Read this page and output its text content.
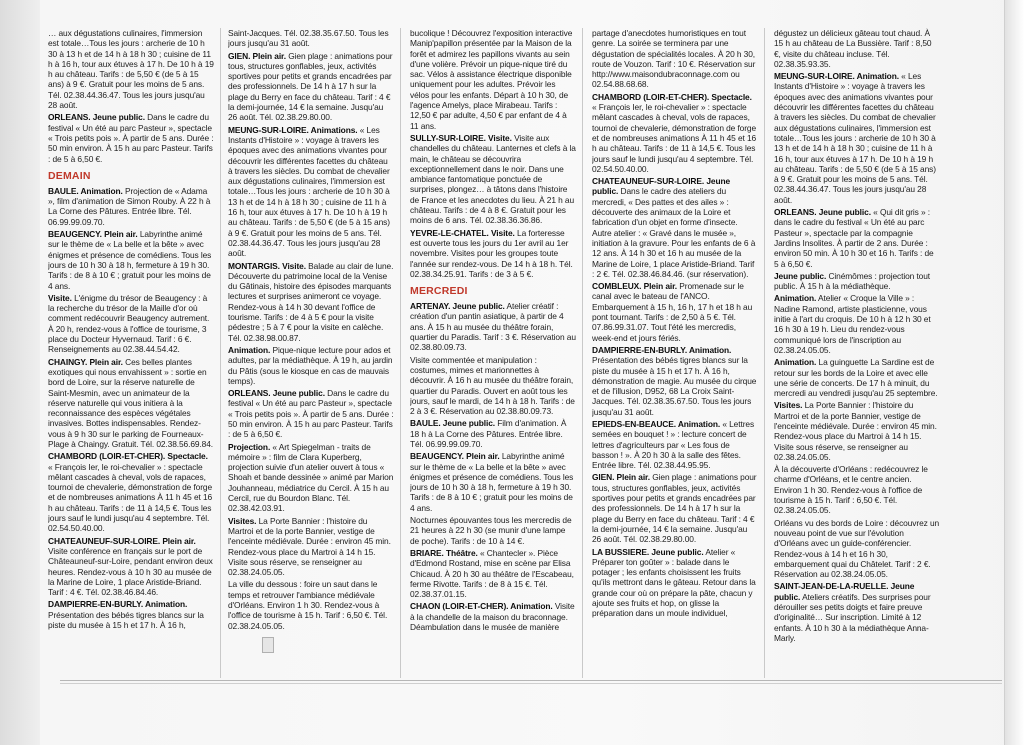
… aux dégustations culinaires, l'immersion est totale…Tous les jours : archerie de 10 h 30 à 13 h et de 14 h à 18 h 30 ; cuisine de 11 h à 16 h, tour aux étuves à 17 h. De 10 h à 19 h au château. Tarifs : de 5,50 € (de 5 à 15 ans) à 9 €. Gratuit pour les moins de 5 ans. Tél. 02.38.44.36.47. Tous les jours jusqu'au 28 août.

ORLEANS. Jeune public. Dans le cadre du festival « Un été au parc Pasteur », spectacle « Trois petits pois ». À partir de 5 ans. Durée : 50 min environ. À 15 h au parc Pasteur. Tarifs : de 5 à 6,50 €.

DEMAIN

BAULE. Animation. Projection de « Adama », film d'animation de Simon Rouby. À 22 h à La Corne des Pâtures. Entrée libre. Tél. 06.99.99.09.70.

BEAUGENCY. Plein air. Labyrinthe animé sur le thème de « La belle et la bête » avec énigmes et présence de comédiens. Tous les jours de 10 h 30 à 18 h, fermeture à 19 h 30. Tarifs : de 8 à 10 € ; gratuit pour les moins de 4 ans.

Visite. L'énigme du trésor de Beaugency : à la recherche du trésor de la Maille d'or où comment redécouvrir Beaugency autrement. À 20 h, rendez-vous à l'office de tourisme, 3 place du Docteur Hyvernaud. Tarif : 6 €. Renseignements au 02.38.44.54.42.

CHAINGY. Plein air. Ces belles plantes exotiques qui nous envahissent » : sortie en bord de Loire, sur la réserve naturelle de Saint-Mesmin, avec un animateur de la réserve naturelle qui vous initiera à la reconnaissance des espèces végétales invasives. Bottes indispensables. Rendez-vous à 9 h 30 sur le parking de Fourneaux-Plage à Chaingy. Gratuit. Tél. 02.38.56.69.84.

CHAMBORD (LOIR-ET-CHER). Spectacle. « François Ier, le roi-chevalier » : spectacle mêlant cascades à cheval, vols de rapaces, tournoi de chevalerie, démonstration de forge et de nombreuses animations À 11 h 45 et 16 h au château. Tarifs : de 11 à 14,5 €. Tous les jours sauf le lundi jusqu'au 4 septembre. Tél. 02.54.50.40.00.

CHATEAUNEUF-SUR-LOIRE. Plein air. Visite conférence en français sur le port de Châteauneuf-sur-Loire, pendant environ deux heures. Rendez-vous à 10 h 30 au musée de la Marine de Loire, 1 place Aristide-Briand. Tarif : 4 €. Tél. 02.38.46.84.46.

DAMPIERRE-EN-BURLY. Animation. Présentation des bébés tigres blancs sur la piste du musée à 15 h et 17 h. À 16 h,

Saint-Jacques. Tél. 02.38.35.67.50. Tous les jours jusqu'au 31 août.

GIEN. Plein air. Gien plage : animations pour tous, structures gonflables, jeux, activités sportives pour petits et grands encadrées par des professionnels. De 14 h à 17 h sur la plage du Berry en face du château. Tarif : 4 € la demi-journée, 14 € la semaine. Jusqu'au 26 août. Tél. 02.38.29.80.00.

MEUNG-SUR-LOIRE. Animations. « Les Instants d'Histoire » : voyage à travers les époques avec des animations vivantes pour découvrir les différentes facettes du château à travers les siècles. Du combat de chevalier aux dégustations culinaires, l'immersion est totale…Tous les jours : archerie de 10 h 30 à 13 h et de 14 h à 18 h 30 ; cuisine de 11 h à 16 h, tour aux étuves à 17 h. De 10 h à 19 h au château. Tarifs : de 5,50 € (de 5 à 15 ans) à 9 €. Gratuit pour les moins de 5 ans. Tél. 02.38.44.36.47. Tous les jours jusqu'au 28 août.

MONTARGIS. Visite. Balade au clair de lune. Découverte du patrimoine local de la Venise du Gâtinais, histoire des épisodes marquants lectures et surprises animeront ce voyage. Rendez-vous à 14 h 30 devant l'office de tourisme. Tarifs : de 4 à 5 € pour la visite pédestre ; 5 à 7 € pour la visite en calèche. Tél. 02.38.98.00.87.

Animation. Pique-nique lecture pour ados et adultes, par la médiathèque. À 19 h, au jardin du Pâtis (sous le kiosque en cas de mauvais temps).

ORLEANS. Jeune public. Dans le cadre du festival « Un été au parc Pasteur », spectacle « Trois petits pois ». À partir de 5 ans. Durée : 50 min environ. À 15 h au parc Pasteur. Tarifs : de 5 à 6,50 €.

Projection. « Art Spiegelman - traits de mémoire » : film de Clara Kuperberg, projection suivie d'un atelier ouvert à tous « Shoah et bande dessinée » animé par Marion Jouhanneau, médiatrice du Cercil. À 15 h au Cercil, rue du Bourdon Blanc. Tél. 02.38.42.03.91.

Visites. La Porte Bannier : l'histoire du Martroi et de la porte Bannier, vestige de l'enceinte médiévale. Durée : environ 45 min. Rendez-vous place du Martroi à 14 h 15. Visite sous réserve, se renseigner au 02.38.24.05.05.

La ville du dessous : foire un saut dans le temps et retrouver l'ambiance médiévale d'Orléans. Environ 1 h 30. Rendez-vous à l'office de tourisme à 15 h. Tarif : 6,50 €. Tél. 02.38.24.05.05.

bucolique ! Découvrez l'exposition interactive Manip'papillon présentée par la Maison de la forêt et admirez les papillons vivants au sein d'une volière. Prévoir un pique-nique tiré du sac. Vélos à assistance électrique disponible uniquement pour les adultes. Prévoir les vélos pour les enfants. Départ à 10 h 30, de l'agence Amelys, place Mirabeau. Tarifs : 12,50 € par adulte, 4,50 € par enfant de 4 à 11 ans.

SULLY-SUR-LOIRE. Visite. Visite aux chandelles du château. Lanternes et clefs à la main, le château se découvrira exceptionnellement dans le noir. Dans une ambiance fantomatique ponctuée de surprises, plongez… à tâtons dans l'histoire de France et les anecdotes du lieu. À 21 h au château. Tarifs : de 4 à 8 €. Gratuit pour les moins de 6 ans. Tél. 02.38.36.36.86.

YEVRE-LE-CHATEL. Visite. La forteresse est ouverte tous les jours du 1er avril au 1er novembre. Visites pour les groupes toute l'année sur rendez-vous. De 14 h à 18 h. Tél. 02.38.34.25.91. Tarifs : de 3 à 5 €.

MERCREDI

ARTENAY. Jeune public. Atelier créatif : création d'un pantin asiatique, à partir de 4 ans. À 15 h au musée du théâtre forain, quartier du Paradis. Tarif : 3 €. Réservation au 02.38.80.09.73.

Visite commentée et manipulation : costumes, mimes et marionnettes à découvrir. À 16 h au musée du théâtre forain, quartier du Paradis. Ouvert en août tous les jours, sauf le mardi, de 14 h à 18 h. Tarifs : de 2 à 3 €. Réservation au 02.38.80.09.73.

BAULE. Jeune public. Film d'animation. À 18 h à La Corne des Pâtures. Entrée libre. Tél. 06.99.99.09.70.

BEAUGENCY. Plein air. Labyrinthe animé sur le thème de « La belle et la bête » avec énigmes et présence de comédiens. Tous les jours de 10 h 30 à 18 h, fermeture à 19 h 30. Tarifs : de 8 à 10 € ; gratuit pour les moins de 4 ans.

Nocturnes épouvantes tous les mercredis de 21 heures à 22 h 30 (se munir d'une lampe de poche). Tarifs : de 10 à 14 €.

BRIARE. Théâtre. « Chantecler ». Pièce d'Edmond Rostand, mise en scène par Elisa Chicaud. À 20 h 30 au théâtre de l'Escabeau, ferme Rivotte. Tarifs : de 8 à 15 €. Tél. 02.38.37.01.15.

CHAON (LOIR-ET-CHER). Animation. Visite à la chandelle de la maison du braconnage. Déambulation dans le musée de manière

partage d'anecdotes humoristiques en tout genre. La soirée se terminera par une dégustation de spécialités locales. À 20 h 30, route de Vouzon. Tarif : 10 €. Réservation sur http://www.maisondubraconnage.com ou 02.54.88.68.68.

CHAMBORD (LOIR-ET-CHER). Spectacle. « François Ier, le roi-chevalier » : spectacle mêlant cascades à cheval, vols de rapaces, tournoi de chevalerie, démonstration de forge et de nombreuses animations À 11 h 45 et 16 h au château. Tarifs : de 11 à 14,5 €. Tous les jours sauf le lundi jusqu'au 4 septembre. Tél. 02.54.50.40.00.

CHATEAUNEUF-SUR-LOIRE. Jeune public. Dans le cadre des ateliers du mercredi, « Des pattes et des ailes » : découverte des animaux de la Loire et fabrication d'un objet en forme d'insecte. Autre atelier : « Gravé dans le musée », initiation à la gravure. Pour les enfants de 6 à 12 ans. À 14 h 30 et 16 h au musée de la Marine de Loire, 1 place Aristide-Briand. Tarif : 2 €. Tél. 02.38.46.84.46. (sur réservation).

COMBLEUX. Plein air. Promenade sur le canal avec le bateau de l'ANCO. Embarquement à 15 h, 16 h, 17 h et 18 h au pont tournant. Tarifs : de 2,50 à 5 €. Tél. 07.86.99.31.07. Tout l'été les mercredis, week-end et jours fériés.

DAMPIERRE-EN-BURLY. Animation. Présentation des bébés tigres blancs sur la piste du musée à 15 h et 17 h. À 16 h, démonstration de magie. Au musée du cirque et de l'illusion, D952, 68 La Croix Saint-Jacques. Tél. 02.38.35.67.50. Tous les jours jusqu'au 31 août.

EPIEDS-EN-BEAUCE. Animation. « Lettres semées en bouquet ! » : lecture concert de lettres d'agriculteurs par « Les fous de basson ! ». À 20 h 30 à la salle des fêtes. Entrée libre. Tél. 02.38.44.95.95.

GIEN. Plein air. Gien plage : animations pour tous, structures gonflables, jeux, activités sportives pour petits et grands encadrées par des professionnels. De 14 h à 17 h sur la plage du Berry en face du château. Tarif : 4 € la demi-journée, 14 € la semaine. Jusqu'au 26 août. Tél. 02.38.29.80.00.

LA BUSSIERE. Jeune public. Atelier « Préparer ton goûter » : balade dans le potager ; les enfants choisissent les fruits qu'ils mettront dans le gâteau. Retour dans la grande cour où on prépare la pâte, chacun y ajoute ses fruits et hop, on glisse la préparation dans un moule individuel,

dégustez un délicieux gâteau tout chaud. À 15 h au château de La Bussière. Tarif : 8,50 €, visite du château incluse. Tél. 02.38.35.93.35.

MEUNG-SUR-LOIRE. Animation. « Les Instants d'Histoire » : voyage à travers les époques avec des animations vivantes pour découvrir les différentes facettes du château à travers les siècles. Du combat de chevalier aux dégustations culinaires, l'immersion est totale…Tous les jours : archerie de 10 h 30 à 13 h et de 14 h à 18 h 30 ; cuisine de 11 h à 16 h, tour aux étuves à 17 h. De 10 h à 19 h au château. Tarifs : de 5,50 € (de 5 à 15 ans) à 9 €. Gratuit pour les moins de 5 ans. Tél. 02.38.44.36.47. Tous les jours jusqu'au 28 août.

ORLEANS. Jeune public. « Qui dit gris » : dans le cadre du festival « Un été au parc Pasteur », spectacle par la compagnie Jardins Insolites. À partir de 2 ans. Durée : environ 50 min. À 10 h 30 et 16 h. Tarifs : de 5 à 6,50 €.

Jeune public. Cinémômes : projection tout public. À 15 h à la médiathèque.

Animation. Atelier « Croque la Ville » : Nadine Ramond, artiste plasticienne, vous initie à l'art du croquis. De 10 h à 12 h 30 et 16 h 30 à 19 h. Lieu du rendez-vous communiqué lors de l'inscription au 02.38.24.05.05.

Animation. La guinguette La Sardine est de retour sur les bords de la Loire et avec elle une série de concerts. De 17 h à minuit, du mercredi au vendredi jusqu'au 25 septembre.

Visites. La Porte Bannier : l'histoire du Martroi et de la porte Bannier, vestige de l'enceinte médiévale. Durée : environ 45 min. Rendez-vous place du Martroi à 14 h 15. Visite sous réserve, se renseigner au 02.38.24.05.05.

À la découverte d'Orléans : redécouvrez le charme d'Orléans, et le centre ancien. Environ 1 h 30. Rendez-vous à l'office de tourisme à 15 h. Tarif : 6,50 €. Tél. 02.38.24.05.05.

Orléans vu des bords de Loire : découvrez un nouveau point de vue sur l'évolution d'Orléans avec un guide-conférencier. Rendez-vous à 14 h et 16 h 30, embarquement quai du Châtelet. Tarif : 2 €. Réservation au 02.38.24.05.05.

SAINT-JEAN-DE-LA-RUELLE. Jeune public. Ateliers créatifs. Des surprises pour dérouiller ses petits doigts et faire preuve d'originalité… Sur inscription. Limité à 12 enfants. À 10 h 30 à la médiathèque Anna-Marly.
